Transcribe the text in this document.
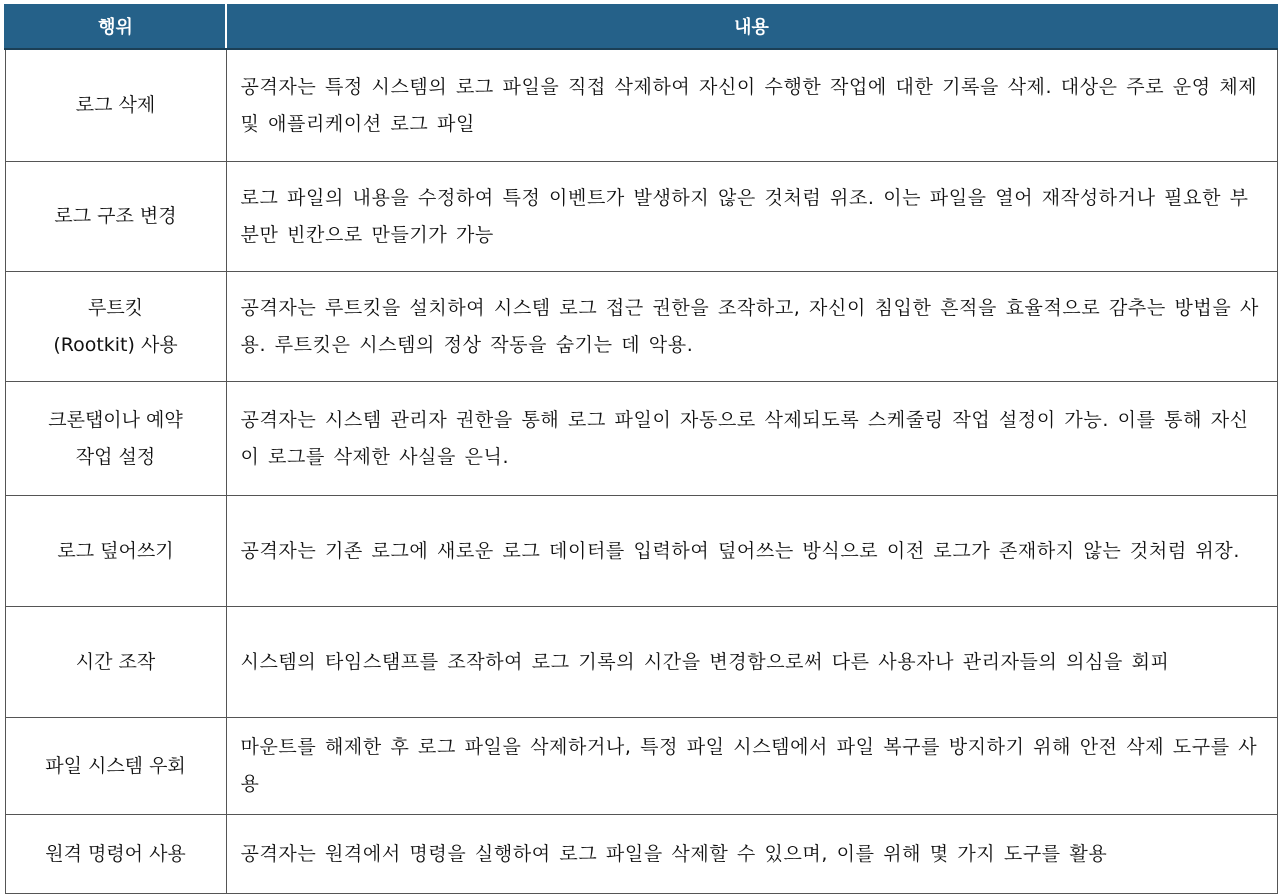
행위	내용

로그 삭제	공격자는 특정 시스템의 로그 파일을 직접 삭제하여 자신이 수행한 작업에 대한 기록을 삭제. 대상은 주로 운영 체제 및 애플리케이션 로그 파일

로그 구조 변경	로그 파일의 내용을 수정하여 특정 이벤트가 발생하지 않은 것처럼 위조. 이는 파일을 열어 재작성하거나 필요한 부분만 빈칸으로 만들기가 가능

루트킷
(Rootkit) 사용	공격자는 루트킷을 설치하여 시스템 로그 접근 권한을 조작하고, 자신이 침입한 흔적을 효율적으로 감추는 방법을 사용. 루트킷은 시스템의 정상 작동을 숨기는 데 악용.

크론탭이나 예약
작업 설정	공격자는 시스템 관리자 권한을 통해 로그 파일이 자동으로 삭제되도록 스케줄링 작업 설정이 가능. 이를 통해 자신이 로그를 삭제한 사실을 은닉.

로그 덮어쓰기	공격자는 기존 로그에 새로운 로그 데이터를 입력하여 덮어쓰는 방식으로 이전 로그가 존재하지 않는 것처럼 위장.

시간 조작	시스템의 타임스탬프를 조작하여 로그 기록의 시간을 변경함으로써 다른 사용자나 관리자들의 의심을 회피

파일 시스템 우회	마운트를 해제한 후 로그 파일을 삭제하거나, 특정 파일 시스템에서 파일 복구를 방지하기 위해 안전 삭제 도구를 사용

원격 명령어 사용	공격자는 원격에서 명령을 실행하여 로그 파일을 삭제할 수 있으며, 이를 위해 몇 가지 도구를 활용
